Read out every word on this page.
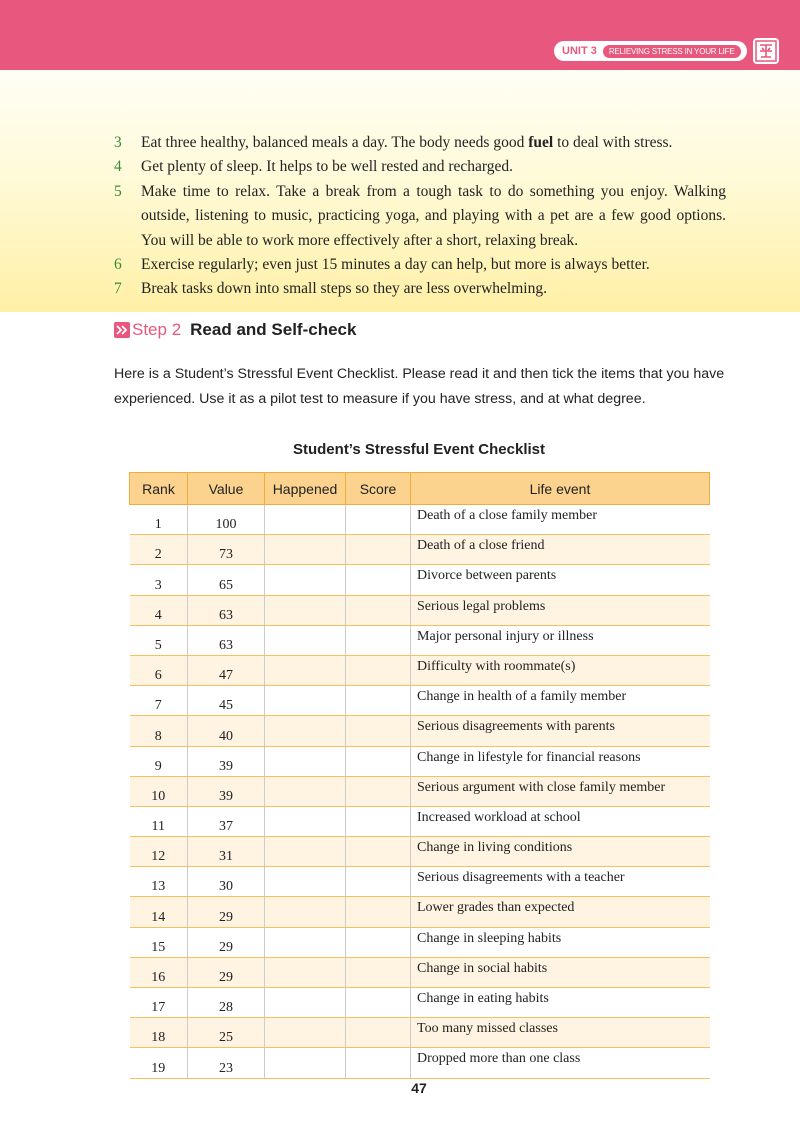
UNIT 3	RELIEVING STRESS IN YOUR LIFE
3	Eat three healthy, balanced meals a day. The body needs good fuel to deal with stress.
4	Get plenty of sleep. It helps to be well rested and recharged.
5	Make time to relax. Take a break from a tough task to do something you enjoy. Walking outside, listening to music, practicing yoga, and playing with a pet are a few good options. You will be able to work more effectively after a short, relaxing break.
6	Exercise regularly; even just 15 minutes a day can help, but more is always better.
7	Break tasks down into small steps so they are less overwhelming.
Step 2 Read and Self-check

Here is a Student’s Stressful Event Checklist. Please read it and then tick the items that you have experienced. Use it as a pilot test to measure if you have stress, and at what degree.

Student’s Stressful Event Checklist
Rank	Value	Happened	Score	Life event
1	100			Death of a close family member
2	73			Death of a close friend
3	65			Divorce between parents
4	63			Serious legal problems
5	63			Major personal injury or illness
6	47			Difficulty with roommate(s)
7	45			Change in health of a family member
8	40			Serious disagreements with parents
9	39			Change in lifestyle for financial reasons
10	39			Serious argument with close family member
11	37			Increased workload at school
12	31			Change in living conditions
13	30			Serious disagreements with a teacher
14	29			Lower grades than expected
15	29			Change in sleeping habits
16	29			Change in social habits
17	28			Change in eating habits
18	25			Too many missed classes
19	23			Dropped more than one class
47
